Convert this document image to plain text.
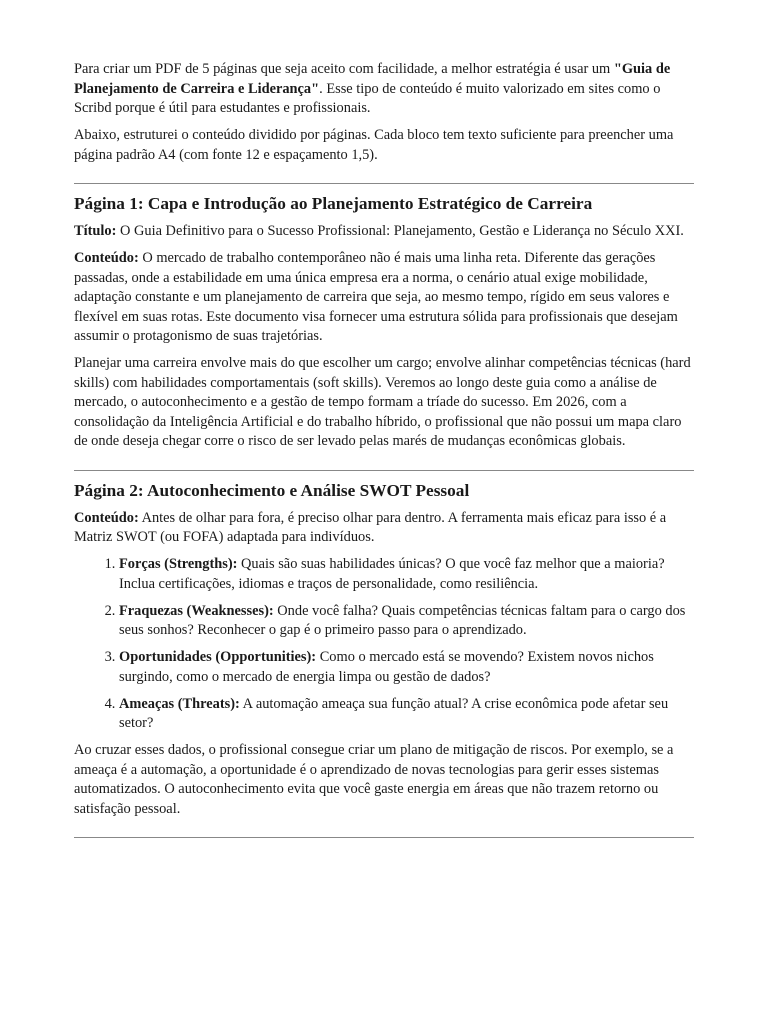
Para criar um PDF de 5 páginas que seja aceito com facilidade, a melhor estratégia é usar um "Guia de Planejamento de Carreira e Liderança". Esse tipo de conteúdo é muito valorizado em sites como o Scribd porque é útil para estudantes e profissionais.

Abaixo, estruturei o conteúdo dividido por páginas. Cada bloco tem texto suficiente para preencher uma página padrão A4 (com fonte 12 e espaçamento 1,5).

Página 1: Capa e Introdução ao Planejamento Estratégico de Carreira

Título: O Guia Definitivo para o Sucesso Profissional: Planejamento, Gestão e Liderança no Século XXI.

Conteúdo: O mercado de trabalho contemporâneo não é mais uma linha reta. Diferente das gerações passadas, onde a estabilidade em uma única empresa era a norma, o cenário atual exige mobilidade, adaptação constante e um planejamento de carreira que seja, ao mesmo tempo, rígido em seus valores e flexível em suas rotas. Este documento visa fornecer uma estrutura sólida para profissionais que desejam assumir o protagonismo de suas trajetórias.

Planejar uma carreira envolve mais do que escolher um cargo; envolve alinhar competências técnicas (hard skills) com habilidades comportamentais (soft skills). Veremos ao longo deste guia como a análise de mercado, o autoconhecimento e a gestão de tempo formam a tríade do sucesso. Em 2026, com a consolidação da Inteligência Artificial e do trabalho híbrido, o profissional que não possui um mapa claro de onde deseja chegar corre o risco de ser levado pelas marés de mudanças econômicas globais.

Página 2: Autoconhecimento e Análise SWOT Pessoal

Conteúdo: Antes de olhar para fora, é preciso olhar para dentro. A ferramenta mais eficaz para isso é a Matriz SWOT (ou FOFA) adaptada para indivíduos.

1. Forças (Strengths): Quais são suas habilidades únicas? O que você faz melhor que a maioria? Inclua certificações, idiomas e traços de personalidade, como resiliência.
2. Fraquezas (Weaknesses): Onde você falha? Quais competências técnicas faltam para o cargo dos seus sonhos? Reconhecer o gap é o primeiro passo para o aprendizado.
3. Oportunidades (Opportunities): Como o mercado está se movendo? Existem novos nichos surgindo, como o mercado de energia limpa ou gestão de dados?
4. Ameaças (Threats): A automação ameaça sua função atual? A crise econômica pode afetar seu setor?

Ao cruzar esses dados, o profissional consegue criar um plano de mitigação de riscos. Por exemplo, se a ameaça é a automação, a oportunidade é o aprendizado de novas tecnologias para gerir esses sistemas automatizados. O autoconhecimento evita que você gaste energia em áreas que não trazem retorno ou satisfação pessoal.
